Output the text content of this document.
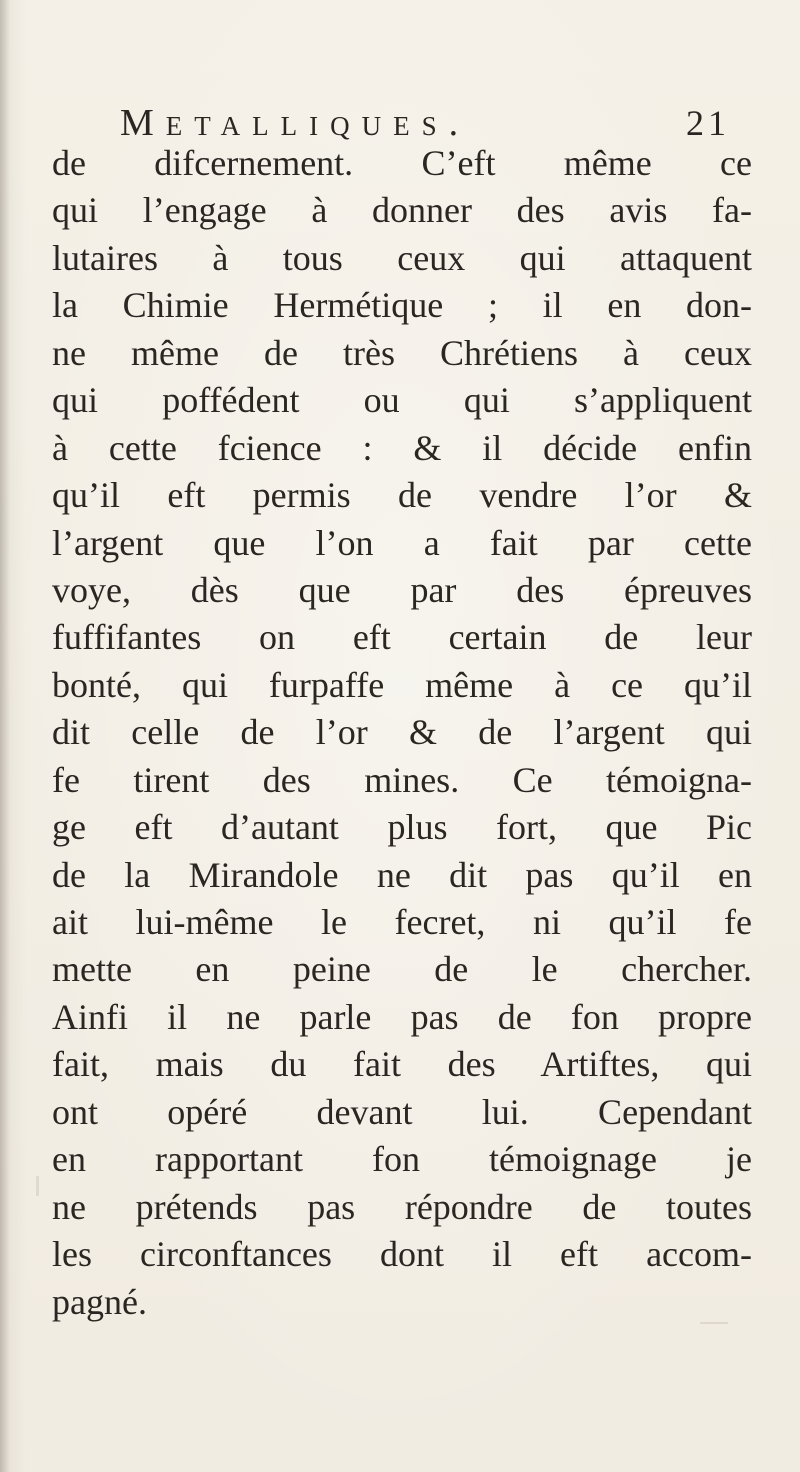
Metalliques.	21
de difcernement. C’eft même ce
qui l’engage à donner des avis fa-
lutaires à tous ceux qui attaquent
la Chimie Hermétique ; il en don-
ne même de très Chrétiens à ceux
qui poffédent ou qui s’appliquent
à cette fcience : & il décide enfin
qu’il eft permis de vendre l’or &
l’argent que l’on a fait par cette
voye, dès que par des épreuves
fuffifantes on eft certain de leur
bonté, qui furpaffe même à ce qu’il
dit celle de l’or & de l’argent qui
fe tirent des mines. Ce témoigna-
ge eft d’autant plus fort, que Pic
de la Mirandole ne dit pas qu’il en
ait lui-même le fecret, ni qu’il fe
mette en peine de le chercher.
Ainfi il ne parle pas de fon propre
fait, mais du fait des Artiftes, qui
ont opéré devant lui. Cependant
en rapportant fon témoignage je
ne prétends pas répondre de toutes
les circonftances dont il eft accom-
pagné.
